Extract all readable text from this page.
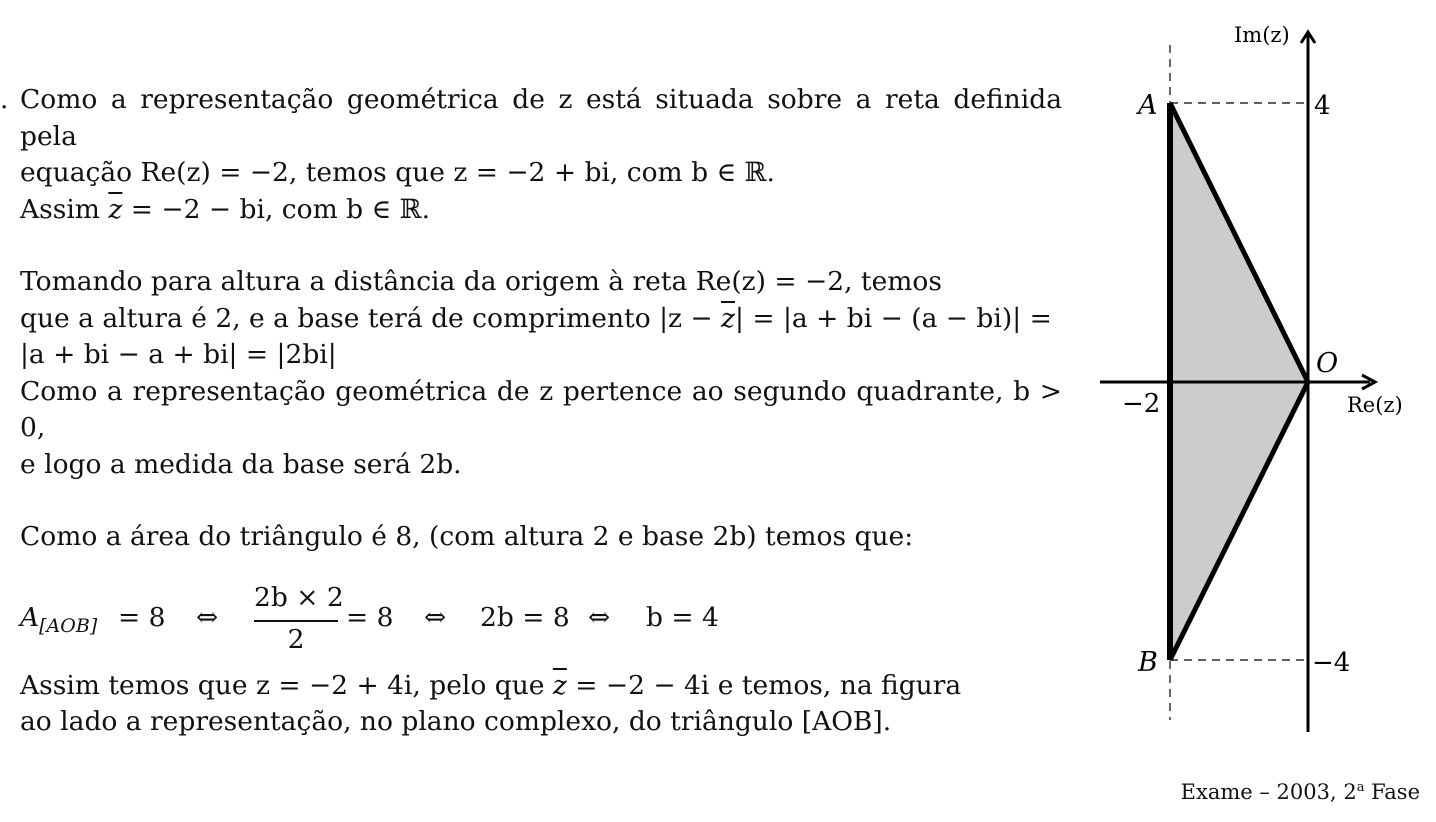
. Como a representação geométrica de z está situada sobre a reta definida pela
equação Re(z) = −2, temos que z = −2 + bi, com b ∈ ℝ.
Assim $\overline{z} = -2$ − bi, com b ∈ ℝ.

Tomando para altura a distância da origem à reta Re(z) = −2, temos
que a altura é 2, e a base terá de comprimento $|z - \overline{z}| = |a$ + bi − (a − bi)| =
|a + bi − a + bi| = |2bi|

Como a representação geométrica de z pertence ao segundo quadrante, b > 0,
e logo a medida da base será 2b.

Como a área do triângulo é 8, (com altura 2 e base 2b) temos que:

$A_{[AOB]} = 8$ ⇔
2b × 2
2
= 8 ⇔ 2b = 8 ⇔ b = 4

Assim temos que z = −2 + 4i, pelo que $\overline{z} = -2 - 4i$ e temos, na figura
ao lado a representação, no plano complexo, do triângulo [AOB].

Im(z)
Re(z)
A
B
O
4
−4
−2
Exame – 2003, 2$^a$ Fase
